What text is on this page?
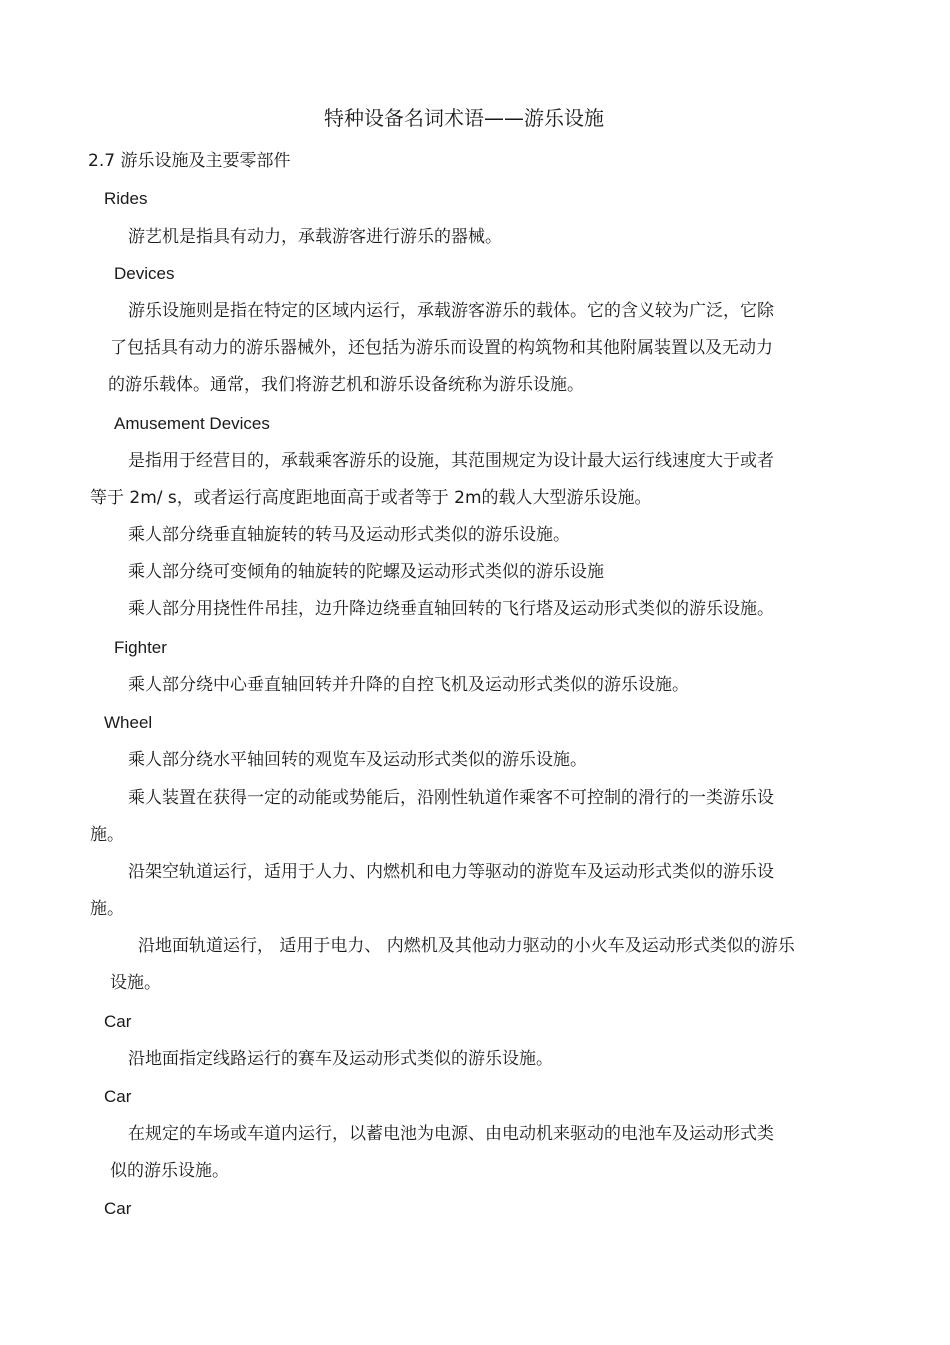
特种设备名词术语——游乐设施
2.7 游乐设施及主要零部件
Rides
游艺机是指具有动力，承载游客进行游乐的器械。
Devices
游乐设施则是指在特定的区域内运行，承载游客游乐的载体。它的含义较为广泛，它除
了包括具有动力的游乐器械外，还包括为游乐而设置的构筑物和其他附属装置以及无动力
的游乐载体。通常，我们将游艺机和游乐设备统称为游乐设施。
Amusement Devices
是指用于经营目的，承载乘客游乐的设施，其范围规定为设计最大运行线速度大于或者
等于 2m/ s，或者运行高度距地面高于或者等于 2m的载人大型游乐设施。
乘人部分绕垂直轴旋转的转马及运动形式类似的游乐设施。
乘人部分绕可变倾角的轴旋转的陀螺及运动形式类似的游乐设施
乘人部分用挠性件吊挂，边升降边绕垂直轴回转的飞行塔及运动形式类似的游乐设施。
Fighter
乘人部分绕中心垂直轴回转并升降的自控飞机及运动形式类似的游乐设施。
Wheel
乘人部分绕水平轴回转的观览车及运动形式类似的游乐设施。
乘人装置在获得一定的动能或势能后，沿刚性轨道作乘客不可控制的滑行的一类游乐设
施。
沿架空轨道运行，适用于人力、内燃机和电力等驱动的游览车及运动形式类似的游乐设
施。
沿地面轨道运行， 适用于电力、 内燃机及其他动力驱动的小火车及运动形式类似的游乐
设施。
Car
沿地面指定线路运行的赛车及运动形式类似的游乐设施。
Car
在规定的车场或车道内运行，以蓄电池为电源、由电动机来驱动的电池车及运动形式类
似的游乐设施。
Car
